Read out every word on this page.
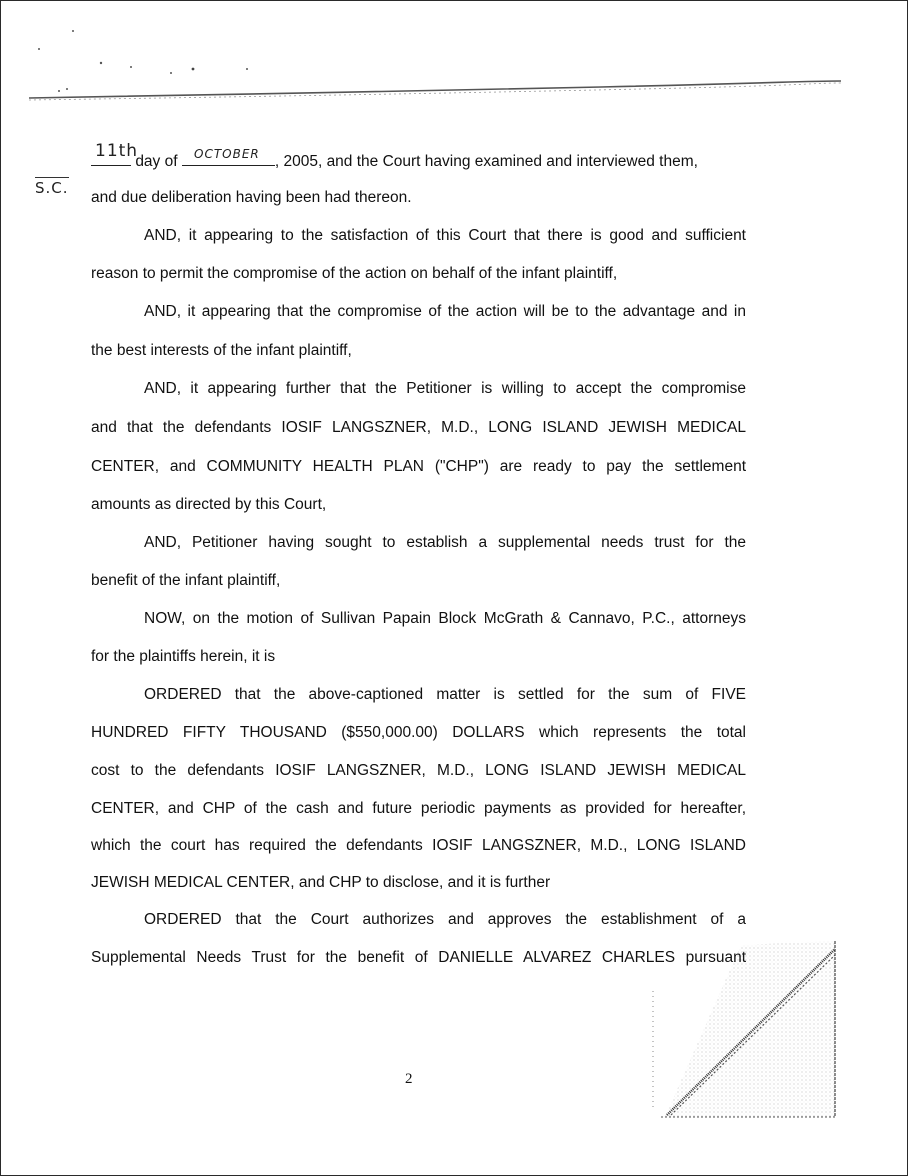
11th	OCTOBER
S.C.
day of	, 2005, and the Court having examined and interviewed them,
and due deliberation having been had thereon.
AND, it appearing to the satisfaction of this Court that there is good and sufficient
reason to permit the compromise of the action on behalf of the infant plaintiff,
AND, it appearing that the compromise of the action will be to the advantage and in
the best interests of the infant plaintiff,
AND, it appearing further that the Petitioner is willing to accept the compromise
and that the defendants IOSIF LANGSZNER, M.D., LONG ISLAND JEWISH MEDICAL
CENTER, and COMMUNITY HEALTH PLAN ("CHP") are ready to pay the settlement
amounts as directed by this Court,
AND, Petitioner having sought to establish a supplemental needs trust for the
benefit of the infant plaintiff,
NOW, on the motion of Sullivan Papain Block McGrath & Cannavo, P.C., attorneys
for the plaintiffs herein, it is
ORDERED that the above-captioned matter is settled for the sum of FIVE
HUNDRED FIFTY THOUSAND ($550,000.00) DOLLARS which represents the total
cost to the defendants IOSIF LANGSZNER, M.D., LONG ISLAND JEWISH MEDICAL
CENTER, and CHP of the cash and future periodic payments as provided for hereafter,
which the court has required the defendants IOSIF LANGSZNER, M.D., LONG ISLAND
JEWISH MEDICAL CENTER, and CHP to disclose, and it is further
ORDERED that the Court authorizes and approves the establishment of a
Supplemental Needs Trust for the benefit of DANIELLE ALVAREZ CHARLES pursuant
2
